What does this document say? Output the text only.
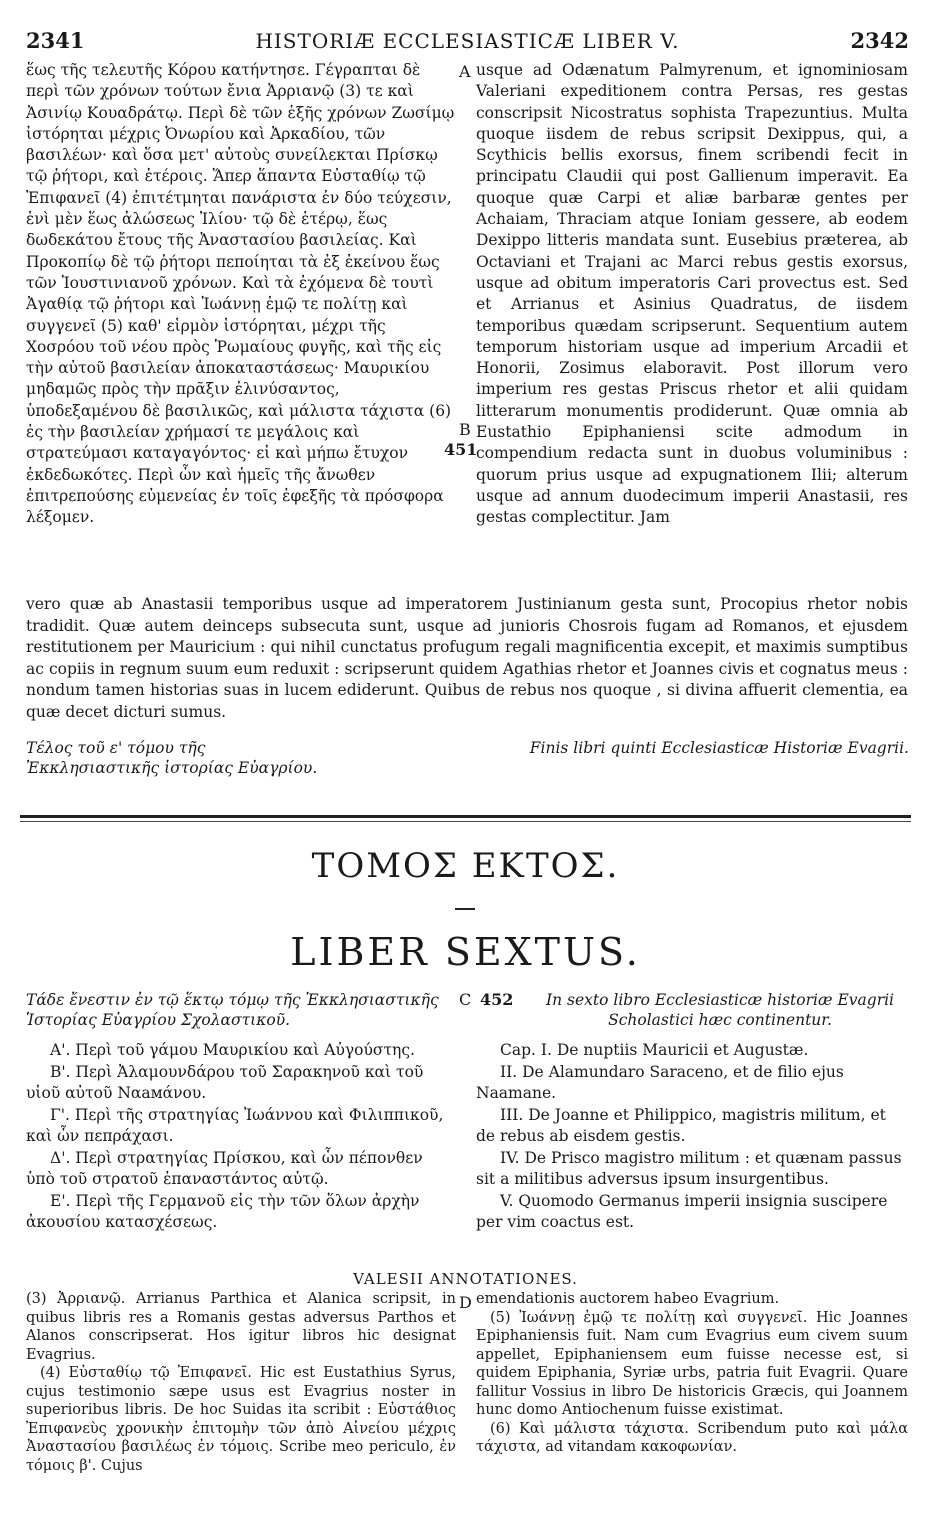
2341	HISTORIÆ ECCLESIASTICÆ LIBER V.	2342
ἕως τῆς τελευτῆς Κόρου κατήντησε. Γέγραπται δὲ περὶ τῶν χρόνων τούτων ἔνια Ἀρριανῷ (3) τε καὶ Ἀσινίῳ Κουαδράτῳ. Περὶ δὲ τῶν ἑξῆς χρόνων Ζωσίμῳ ἱστόρηται μέχρις Ὀνωρίου καὶ Ἀρκαδίου, τῶν βασιλέων· καὶ ὅσα μετ' αὐτοὺς συνείλεκται Πρίσκῳ τῷ ῥήτορι, καὶ ἑτέροις. Ἅπερ ἅπαντα Εὐσταθίῳ τῷ Ἐπιφανεῖ (4) ἐπιτέτμηται πανάριστα ἐν δύο τεύχεσιν, ἑνὶ μὲν ἕως ἁλώσεως Ἰλίου· τῷ δὲ ἑτέρῳ, ἕως δωδεκάτου ἔτους τῆς Ἀναστασίου βασιλείας. Καὶ Προκοπίῳ δὲ τῷ ῥήτορι πεποίηται τὰ ἐξ ἐκείνου ἕως τῶν Ἰουστινιανοῦ χρόνων. Καὶ τὰ ἐχόμενα δὲ τουτὶ Ἀγαθίᾳ τῷ ῥήτορι καὶ Ἰωάννῃ ἐμῷ τε πολίτῃ καὶ συγγενεῖ (5) καθ' εἱρμὸν ἱστόρηται, μέχρι τῆς Χοσρόου τοῦ νέου πρὸς Ῥωμαίους φυγῆς, καὶ τῆς εἰς τὴν αὐτοῦ βασιλείαν ἀποκαταστάσεως· Μαυρικίου μηδαμῶς πρὸς τὴν πρᾶξιν ἐλινύσαντος, ὑποδεξαμένου δὲ βασιλικῶς, καὶ μάλιστα τάχιστα (6) ἐς τὴν βασιλείαν χρήμασί τε μεγάλοις καὶ στρατεύμασι καταγαγόντος· εἰ καὶ μήπω ἔτυχον ἐκδεδωκότες. Περὶ ὧν καὶ ἡμεῖς τῆς ἄνωθεν ἐπιτρεπούσης εὐμενείας ἐν τοῖς ἐφεξῆς τὰ πρόσφορα λέξομεν.
usque ad Odænatum Palmyrenum, et ignominiosam Valeriani expeditionem contra Persas, res gestas conscripsit Nicostratus sophista Trapezuntius. Multa quoque iisdem de rebus scripsit Dexippus, qui, a Scythicis bellis exorsus, finem scribendi fecit in principatu Claudii qui post Gallienum imperavit. Ea quoque quæ Carpi et aliæ barbaræ gentes per Achaiam, Thraciam atque Ioniam gessere, ab eodem Dexippo litteris mandata sunt. Eusebius præterea, ab Octaviani et Trajani ac Marci rebus gestis exorsus, usque ad obitum imperatoris Cari provectus est. Sed et Arrianus et Asinius Quadratus, de iisdem temporibus quædam scripserunt. Sequentium autem temporum historiam usque ad imperium Arcadii et Honorii, Zosimus elaboravit. Post illorum vero imperium res gestas Priscus rhetor et alii quidam litterarum monumentis prodiderunt. Quæ omnia ab Eustathio Epiphaniensi scite admodum in compendium redacta sunt in duobus voluminibus : quorum prius usque ad expugnationem Ilii; alterum usque ad annum duodecimum imperii Anastasii, res gestas complectitur. Jam
A
B
C
D
451
452
vero quæ ab Anastasii temporibus usque ad imperatorem Justinianum gesta sunt, Procopius rhetor nobis tradidit. Quæ autem deinceps subsecuta sunt, usque ad junioris Chosrois fugam ad Romanos, et ejusdem restitutionem per Mauricium : qui nihil cunctatus profugum regali magnificentia excepit, et maximis sumptibus ac copiis in regnum suum eum reduxit : scripserunt quidem Agathias rhetor et Joannes civis et cognatus meus : nondum tamen historias suas in lucem ediderunt. Quibus de rebus nos quoque , si divina affuerit clementia, ea quæ decet dicturi sumus.
Τέλος τοῦ ε' τόμου τῆς Ἐκκλησιαστικῆς ἱστορίας Εὐαγρίου.
Finis libri quinti Ecclesiasticæ Historiæ Evagrii.
ΤΟΜΟΣ ΕΚΤΟΣ.
LIBER SEXTUS.
Τάδε ἔνεστιν ἐν τῷ ἕκτῳ τόμῳ τῆς Ἐκκλησιαστικῆς Ἱστορίας Εὐαγρίου Σχολαστικοῦ.
In sexto libro Ecclesiasticæ historiæ Evagrii Scholastici hæc continentur.
Α'. Περὶ τοῦ γάμου Μαυρικίου καὶ Αὐγούστης.
Β'. Περὶ Ἀλαμουνδάρου τοῦ Σαρακηνοῦ καὶ τοῦ υἱοῦ αὐτοῦ Ναамάνου.
Γ'. Περὶ τῆς στρατηγίας Ἰωάννου καὶ Φιλιππικοῦ, καὶ ὧν πεπράχασι.
Δ'. Περὶ στρατηγίας Πρίσκου, καὶ ὧν πέπονθεν ὑπὸ τοῦ στρατοῦ ἐπαναστάντος αὐτῷ.
Ε'. Περὶ τῆς Γερμανοῦ εἰς τὴν τῶν ὅλων ἀρχὴν ἀκουσίου κατασχέσεως.
Cap. I. De nuptiis Mauricii et Augustæ.
II. De Alamundaro Saraceno, et de filio ejus Naamane.
III. De Joanne et Philippico, magistris militum, et de rebus ab eisdem gestis.
IV. De Prisco magistro militum : et quænam passus sit a militibus adversus ipsum insurgentibus.
V. Quomodo Germanus imperii insignia suscipere per vim coactus est.
VALESII ANNOTATIONES.

(3) Ἀρριανῷ. Arrianus Parthica et Alanica scripsit, in quibus libris res a Romanis gestas adversus Parthos et Alanos conscripserat. Hos igitur libros hic designat Evagrius.

(4) Εὐσταθίῳ τῷ Ἐπιφανεῖ. Hic est Eustathius Syrus, cujus testimonio sæpe usus est Evagrius noster in superioribus libris. De hoc Suidas ita scribit : Εὐστάθιος Ἐπιφανεὺς χρονικὴν ἐπιτομὴν τῶν ἀπὸ Αἰνείου μέχρις Ἀναστασίου βασιλέως ἐν τόμοις. Scribe meo periculo, ἐν τόμοις β'. Cujus

emendationis auctorem habeo Evagrium.

(5) Ἰωάννῃ ἐμῷ τε πολίτῃ καὶ συγγενεῖ. Hic Joannes Epiphaniensis fuit. Nam cum Evagrius eum civem suum appellet, Epiphaniensem eum fuisse necesse est, si quidem Epiphania, Syriæ urbs, patria fuit Evagrii. Quare fallitur Vossius in libro De historicis Græcis, qui Joannem hunc domo Antiochenum fuisse existimat.

(6) Καὶ μάλιστα τάχιστα. Scribendum puto καὶ μάλα τάχιστα, ad vitandam κακοφωνίαν.
